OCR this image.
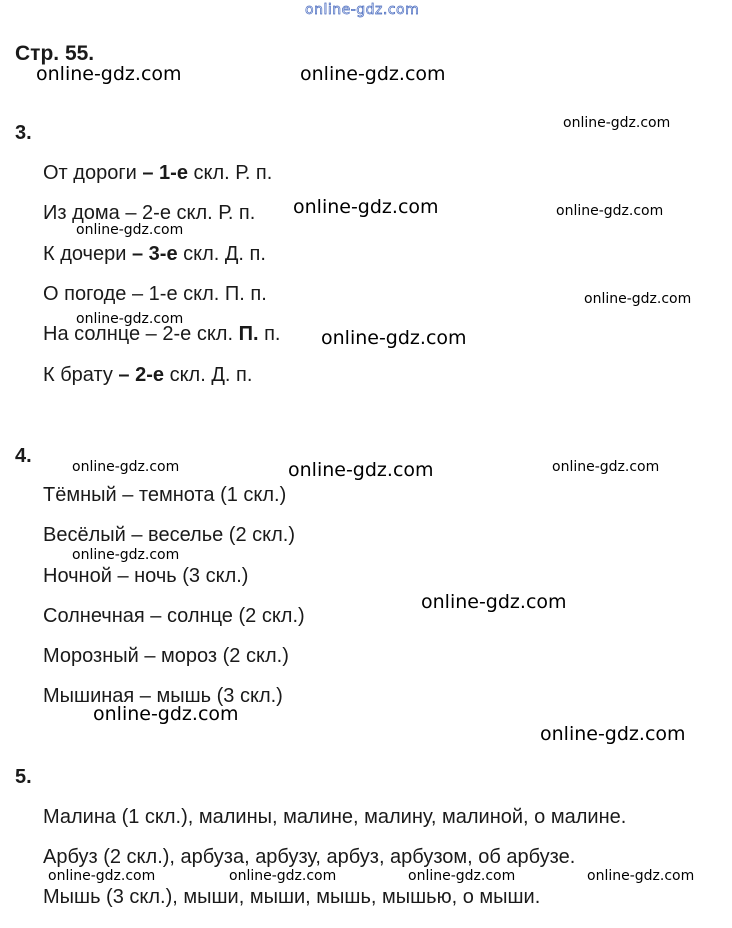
online-gdz.com
Стр. 55.
3.
От дороги – 1-е скл. Р. п.
Из дома – 2-е скл. Р. п.
К дочери – 3-е скл. Д. п.
О погоде – 1-е скл. П. п.
На солнце – 2-е скл. П. п.
К брату – 2-е скл. Д. п.
4.
Тёмный – темнота (1 скл.)
Весёлый – веселье (2 скл.)
Ночной – ночь (3 скл.)
Солнечная – солнце (2 скл.)
Морозный – мороз (2 скл.)
Мышиная – мышь (3 скл.)
5.
Малина (1 скл.), малины, малине, малину, малиной, о малине.
Арбуз (2 скл.), арбуза, арбузу, арбуз, арбузом, об арбузе.
Мышь (3 скл.), мыши, мыши, мышь, мышью, о мыши.
online-gdz.com	online-gdz.com
online-gdz.com
online-gdz.com	online-gdz.com
online-gdz.com
online-gdz.com
online-gdz.com
online-gdz.com
online-gdz.com	online-gdz.com	online-gdz.com
online-gdz.com
online-gdz.com
online-gdz.com
online-gdz.com
online-gdz.com	online-gdz.com	online-gdz.com	online-gdz.com
